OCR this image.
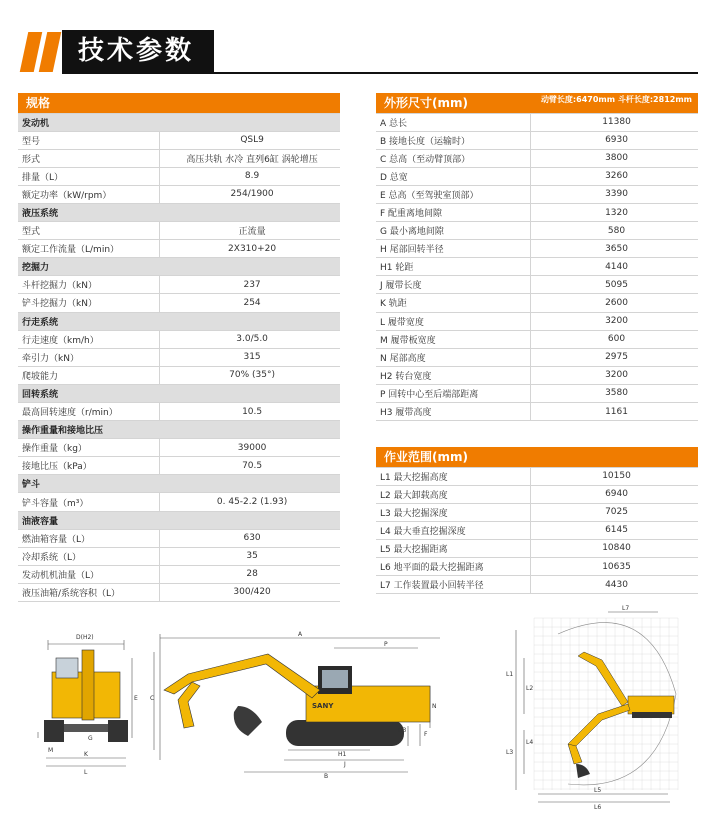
技术参数
规格	
发动机	
型号	QSL9
形式	高压共轨 水冷 直列6缸 涡轮增压
排量（L）	8.9
额定功率（kW/rpm）	254/1900
液压系统	
型式	正流量
额定工作流量（L/min）	2X310+20
挖掘力	
斗杆挖掘力（kN）	237
铲斗挖掘力（kN）	254
行走系统	
行走速度（km/h）	3.0/5.0
牵引力（kN）	315
爬坡能力	70% (35°)
回转系统	
最高回转速度（r/min）	10.5
操作重量和接地比压	
操作重量（kg）	39000
接地比压（kPa）	70.5
铲斗	
铲斗容量（m³）	0. 45-2.2 (1.93)
油液容量	
燃油箱容量（L）	630
冷却系统（L）	35
发动机机油量（L）	28
液压油箱/系统容积（L）	300/420
外形尺寸(mm) 动臂长度:6470mm 斗杆长度:2812mm	

A 总长	11380
B 接地长度（运输时）	6930
C 总高（至动臂顶部）	3800
D 总宽	3260
E 总高（至驾驶室顶部）	3390
F 配重离地间隙	1320
G 最小离地间隙	580
H 尾部回转半径	3650
H1 轮距	4140
J 履带长度	5095
K 轨距	2600
L 履带宽度	3200
M 履带板宽度	600
N 尾部高度	2975
H2 转台宽度	3200
P 回转中心至后端部距离	3580
H3 履带高度	1161
作业范围(mm)	
L1 最大挖掘高度	10150
L2 最大卸载高度	6940
L3 最大挖掘深度	7025
L4 最大垂直挖掘深度	6145
L5 最大挖掘距离	10840
L6 地平面的最大挖掘距离	10635
L7 工作装置最小回转半径	4430
D(H2)
E
G
M
K
L
A
C
P
N
F
H3
H1
J
B
SANY
L1
L2
L3
L4
L5
L6
L7
